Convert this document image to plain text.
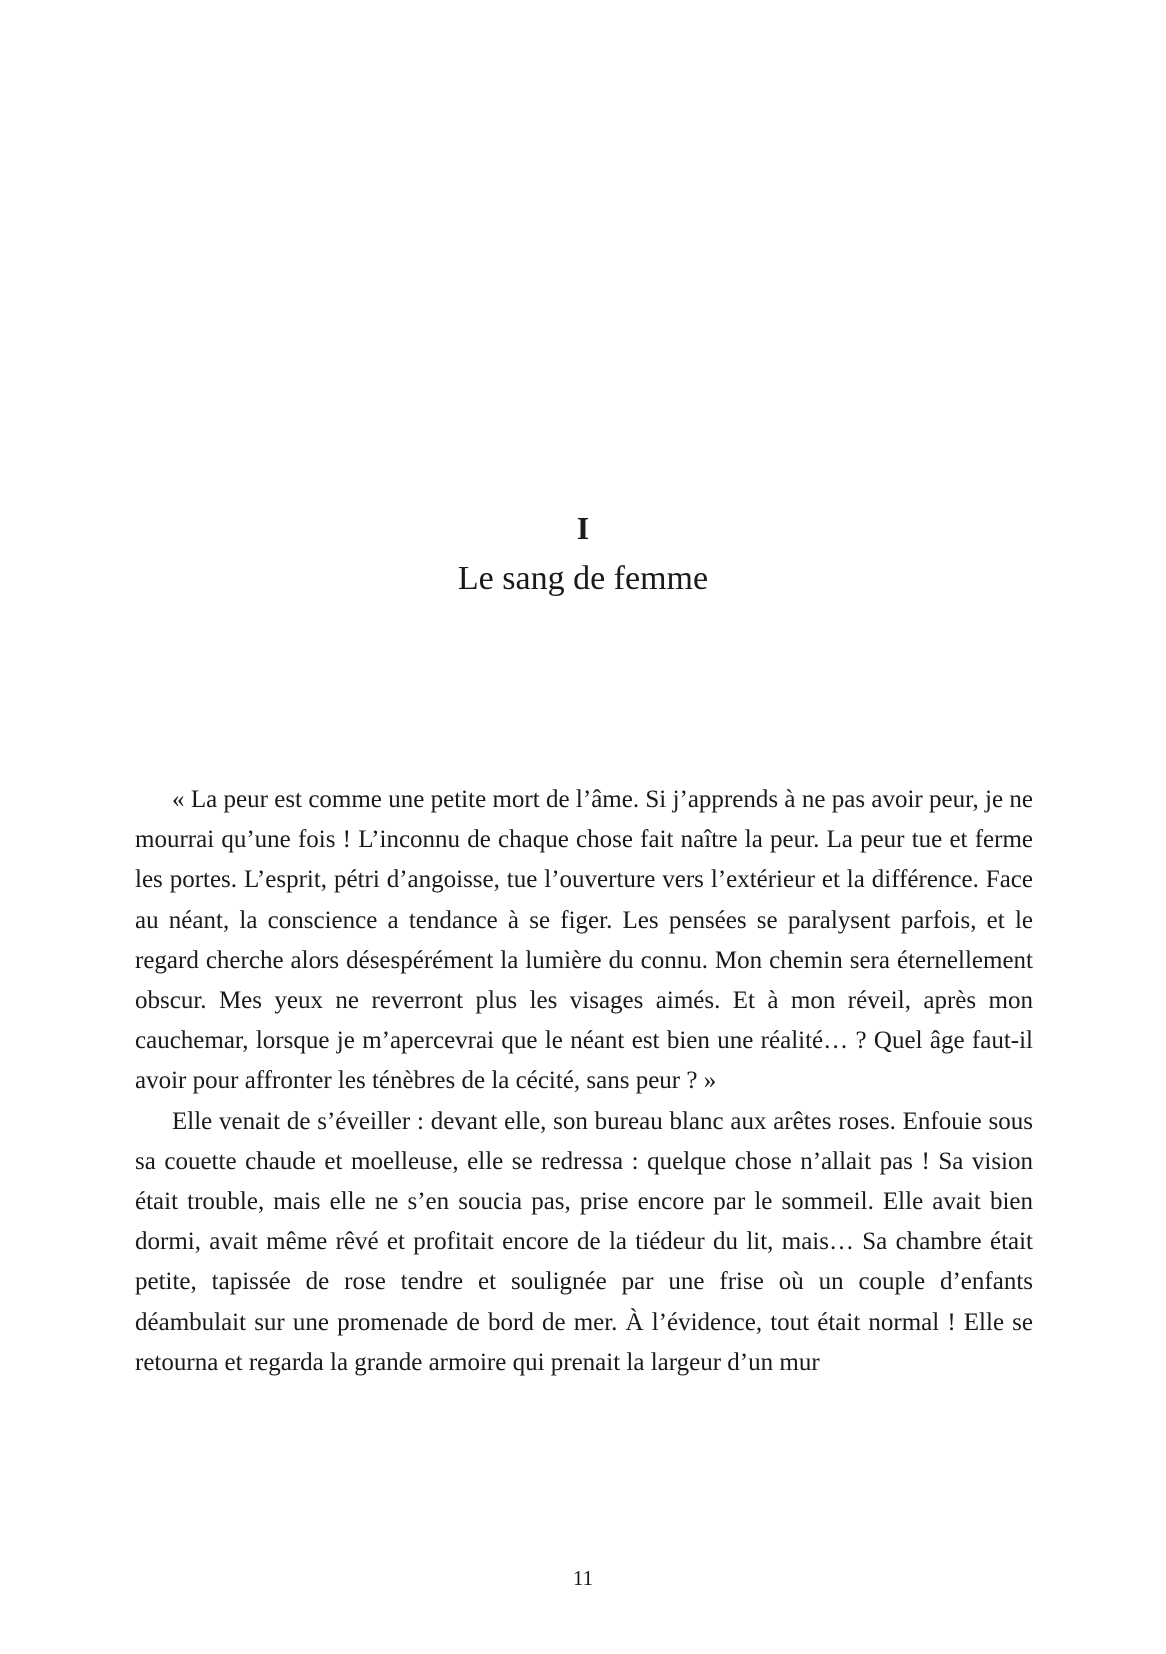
I
Le sang de femme

« La peur est comme une petite mort de l’âme. Si j’apprends à ne pas avoir peur, je ne mourrai qu’une fois ! L’inconnu de chaque chose fait naître la peur. La peur tue et ferme les portes. L’esprit, pétri d’angoisse, tue l’ouverture vers l’extérieur et la différence. Face au néant, la conscience a tendance à se figer. Les pensées se paralysent parfois, et le regard cherche alors désespérément la lumière du connu. Mon chemin sera éternellement obscur. Mes yeux ne reverront plus les visages aimés. Et à mon réveil, après mon cauchemar, lorsque je m’apercevrai que le néant est bien une réalité… ? Quel âge faut-il avoir pour affronter les ténèbres de la cécité, sans peur ? »

Elle venait de s’éveiller : devant elle, son bureau blanc aux arêtes roses. Enfouie sous sa couette chaude et moelleuse, elle se redressa : quelque chose n’allait pas ! Sa vision était trouble, mais elle ne s’en soucia pas, prise encore par le sommeil. Elle avait bien dormi, avait même rêvé et profitait encore de la tiédeur du lit, mais… Sa chambre était petite, tapissée de rose tendre et soulignée par une frise où un couple d’enfants déambulait sur une promenade de bord de mer. À l’évidence, tout était normal ! Elle se retourna et regarda la grande armoire qui prenait la largeur d’un mur

11
